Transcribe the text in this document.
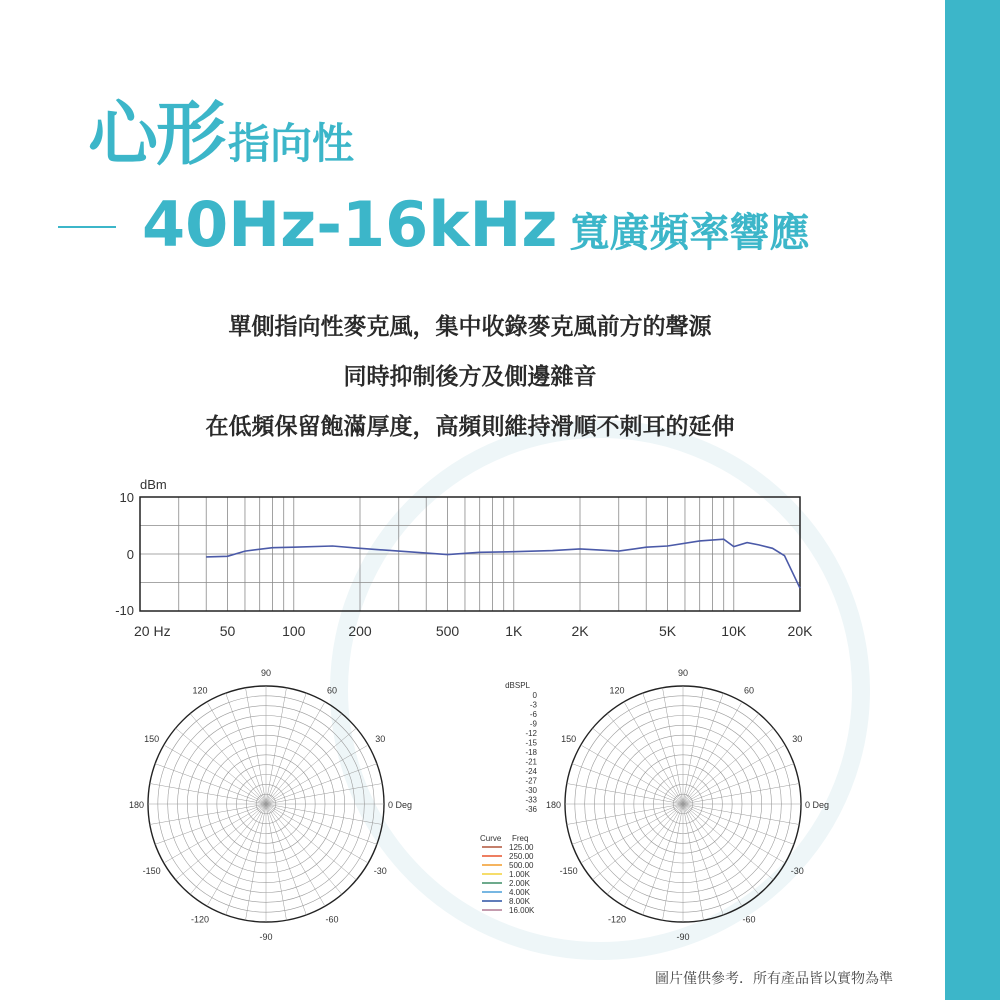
心形指向性
40Hz-16kHz 寬廣頻率響應
單側指向性麥克風，集中收錄麥克風前方的聲源
同時抑制後方及側邊雜音
在低頻保留飽滿厚度，高頻則維持滑順不刺耳的延伸
dBm
10
0
-10
20 Hz	50	100	200	500	1K	2K	5K	10K	20K
90
60
30
0 Deg
-30
-60
-90
-120
-150
180
150
120
90
60
30
0 Deg
-30
-60
-90
-120
-150
180
150
120
dBSPL
0
-3
-6
-9
-12
-15
-18
-21
-24
-27
-30
-33
-36
Curve Freq
125.00
250.00
500.00
1.00K
2.00K
4.00K
8.00K
16.00K
圖片僅供參考．所有產品皆以實物為準
